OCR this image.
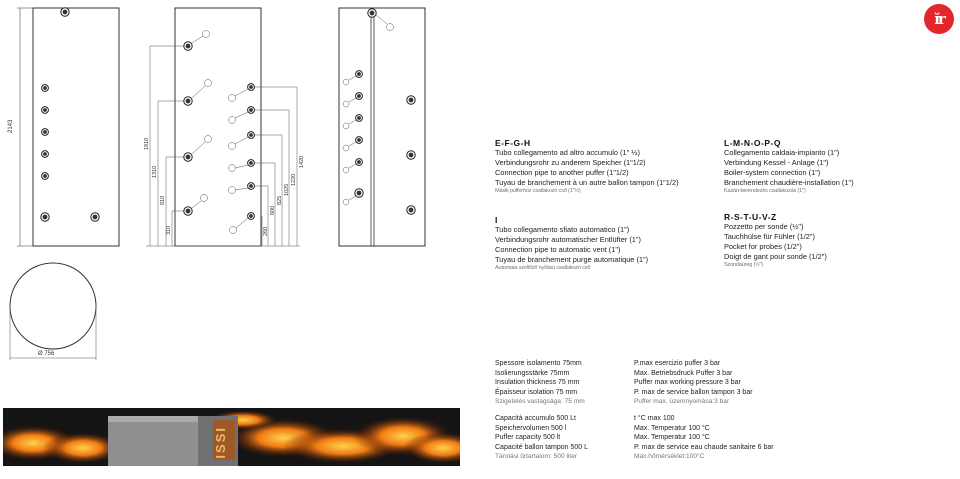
ĭr
2143
1810
1310
810
310
1420
1220
1025
825
600
260
Ø 756
ISSI
E-F-G-H
Tubo collegamento ad altro accumulo (1" ½)
Verbindungsrohr zu anderem Speicher (1"1/2)
Connection pipe to another puffer (1"1/2)
Tuyau de branchement à un autre ballon tampon (1"1/2)
Másik pufferhoz csatlakozó cső (1"½)
I
Tubo collegamento sfiato automatico (1")
Verbindungsrohr automatischer Entlüfter (1")
Connection pipe to automatic vent (1")
Tuyau de branchement purge automatique (1")
Automata szellőző nyílású csatlakozó cső
L-M-N-O-P-Q
Collegamento caldaia-impianto (1")
Verbindung Kessel - Anlage (1")
Boiler-system connection (1")
Branchement chaudière-installation (1")
Kazán-berendezés csatlakozás (1")
R-S-T-U-V-Z
Pozzetto per sonde (½")
Tauchhülse für Fühler (1/2")
Pocket for probes (1/2")
Doigt de gant pour sonde (1/2")
Szondaüreg (½")
Spessore isolamento 75mm
Isolierungsstärke 75mm
Insulation thickness 75 mm
Épaisseur isolation 75 mm
Szigetelés vastagsága: 75 mm
P.max esercizio puffer 3 bar
Max. Betriebsdruck Puffer 3 bar
Puffer max working pressure 3 bar
P. max de service ballon tampon 3 bar
Puffer max. üzemnyomása:3 bar
Capacità accumulo 500 Lt
Speichervolumen 500 l
Puffer capacity 500 lt
Capacité ballon tampon 500 L
Tárolási űrtartalom: 500 liter
t °C max 100
Max. Temperatur 100 °C
Max. Temperatur 100 °C
P. max de service eau chaude sanitaire 6 bar
Max.hőmérséklet:100°C
